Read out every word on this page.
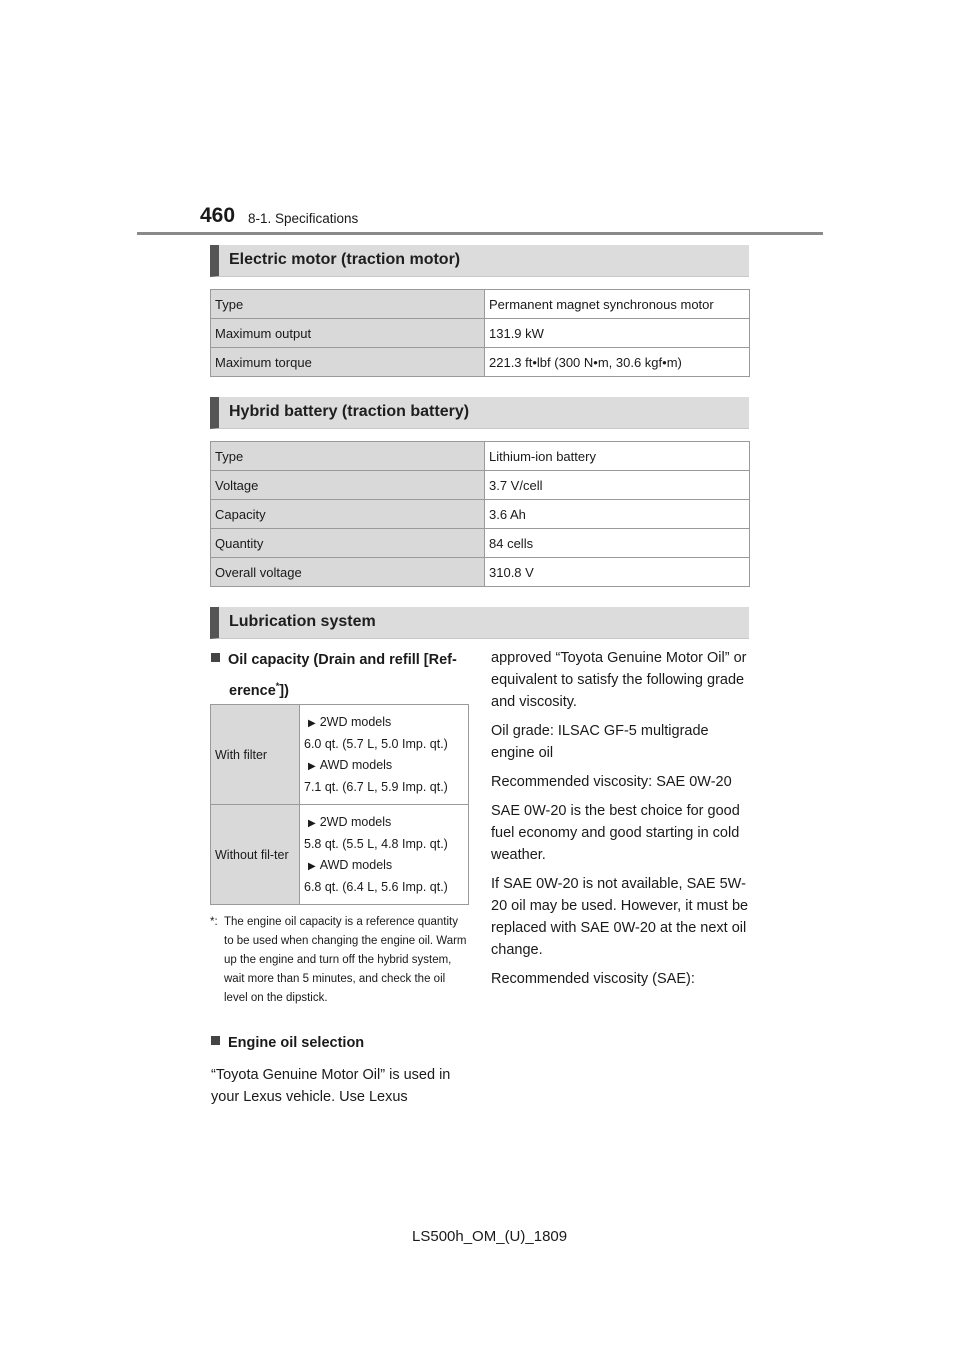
460 8-1. Specifications
Electric motor (traction motor)
Type	Permanent magnet synchronous motor
Maximum output	131.9 kW
Maximum torque	221.3 ft•lbf (300 N•m, 30.6 kgf•m)
Hybrid battery (traction battery)
Type	Lithium-ion battery
Voltage	3.7 V/cell
Capacity	3.6 Ah
Quantity	84 cells
Overall voltage	310.8 V
Lubrication system
Oil capacity (Drain and refill [Ref-
erence*])
With filter	▶ 2WD models
6.0 qt. (5.7 L, 5.0 Imp. qt.)
▶ AWD models
7.1 qt. (6.7 L, 5.9 Imp. qt.)

Without fil-ter	▶ 2WD models
5.8 qt. (5.5 L, 4.8 Imp. qt.)
▶ AWD models
6.8 qt. (6.4 L, 5.6 Imp. qt.)
*: The engine oil capacity is a reference quantity to be used when changing the engine oil. Warm up the engine and turn off the hybrid system, wait more than 5 minutes, and check the oil level on the dipstick.
Engine oil selection
“Toyota Genuine Motor Oil” is used in your Lexus vehicle. Use Lexus

approved “Toyota Genuine Motor Oil” or equivalent to satisfy the following grade and viscosity.

Oil grade: ILSAC GF-5 multigrade engine oil

Recommended viscosity: SAE 0W-20

SAE 0W-20 is the best choice for good fuel economy and good starting in cold weather.

If SAE 0W-20 is not available, SAE 5W-20 oil may be used. However, it must be replaced with SAE 0W-20 at the next oil change.

Recommended viscosity (SAE):

LS500h_OM_(U)_1809
